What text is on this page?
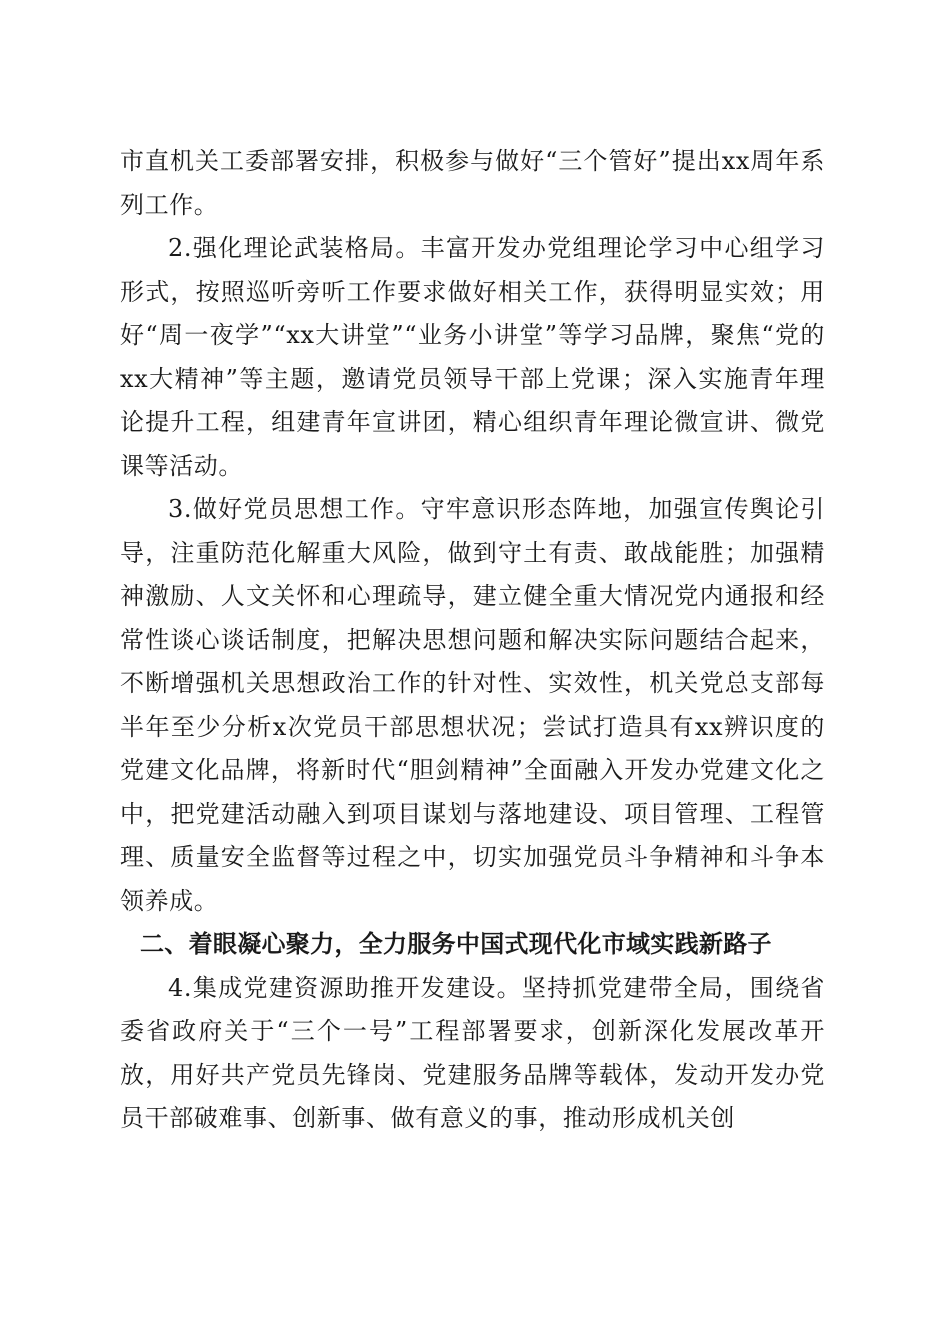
市直机关工委部署安排，积极参与做好“三个管好”提出xx周年系列工作。

2.强化理论武装格局。丰富开发办党组理论学习中心组学习形式，按照巡听旁听工作要求做好相关工作，获得明显实效；用好“周一夜学”“xx大讲堂”“业务小讲堂”等学习品牌，聚焦“党的xx大精神”等主题，邀请党员领导干部上党课；深入实施青年理论提升工程，组建青年宣讲团，精心组织青年理论微宣讲、微党课等活动。

3.做好党员思想工作。守牢意识形态阵地，加强宣传舆论引导，注重防范化解重大风险，做到守土有责、敢战能胜；加强精神激励、人文关怀和心理疏导，建立健全重大情况党内通报和经常性谈心谈话制度，把解决思想问题和解决实际问题结合起来，不断增强机关思想政治工作的针对性、实效性，机关党总支部每半年至少分析x次党员干部思想状况；尝试打造具有xx辨识度的党建文化品牌，将新时代“胆剑精神”全面融入开发办党建文化之中，把党建活动融入到项目谋划与落地建设、项目管理、工程管理、质量安全监督等过程之中，切实加强党员斗争精神和斗争本领养成。

二、着眼凝心聚力，全力服务中国式现代化市域实践新路子

4.集成党建资源助推开发建设。坚持抓党建带全局，围绕省委省政府关于“三个一号”工程部署要求，创新深化发展改革开放，用好共产党员先锋岗、党建服务品牌等载体，发动开发办党员干部破难事、创新事、做有意义的事，推动形成机关创
